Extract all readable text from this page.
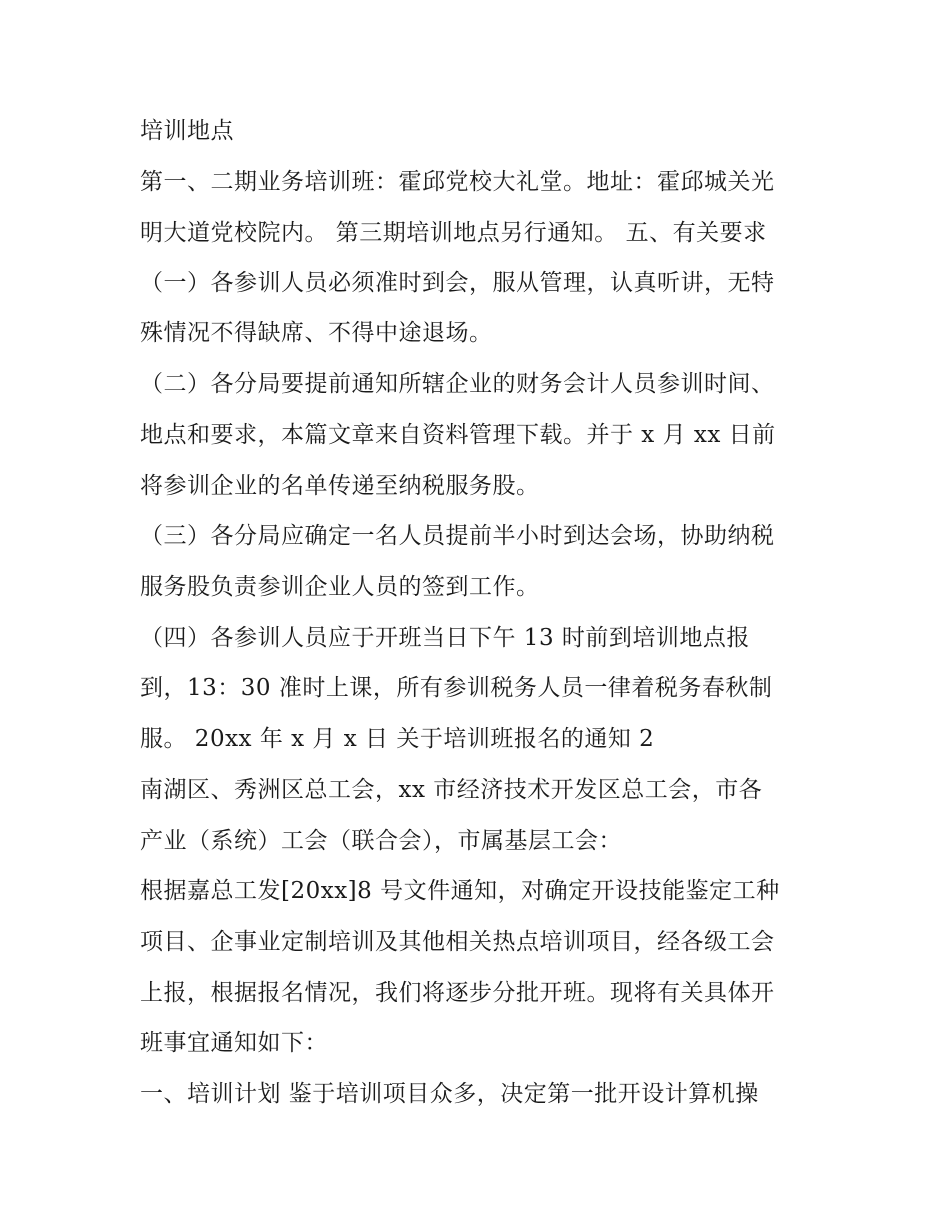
培训地点
第一、二期业务培训班：霍邱党校大礼堂。地址：霍邱城关光
明大道党校院内。 第三期培训地点另行通知。 五、有关要求
（一）各参训人员必须准时到会，服从管理，认真听讲，无特
殊情况不得缺席、不得中途退场。
（二）各分局要提前通知所辖企业的财务会计人员参训时间、
地点和要求，本篇文章来自资料管理下载。并于 x 月 xx 日前
将参训企业的名单传递至纳税服务股。
（三）各分局应确定一名人员提前半小时到达会场，协助纳税
服务股负责参训企业人员的签到工作。
（四）各参训人员应于开班当日下午 13 时前到培训地点报
到，13：30 准时上课，所有参训税务人员一律着税务春秋制
服。 20xx 年 x 月 x 日 关于培训班报名的通知 2
南湖区、秀洲区总工会，xx 市经济技术开发区总工会，市各
产业（系统）工会（联合会），市属基层工会：
根据嘉总工发[20xx]8 号文件通知，对确定开设技能鉴定工种
项目、企事业定制培训及其他相关热点培训项目，经各级工会
上报，根据报名情况，我们将逐步分批开班。现将有关具体开
班事宜通知如下：
一、培训计划 鉴于培训项目众多，决定第一批开设计算机操
